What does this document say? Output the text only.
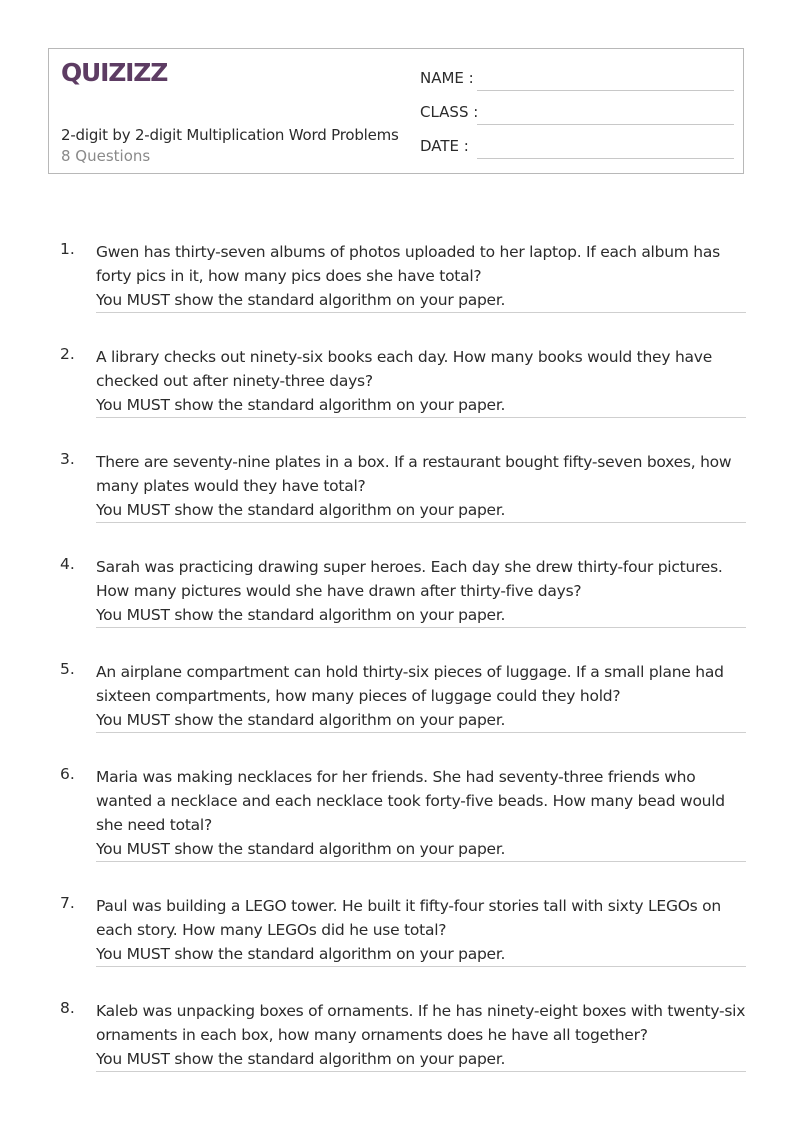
QUIZIZZ
2-digit by 2-digit Multiplication Word Problems
8 Questions
NAME :
CLASS :
DATE :
1. Gwen has thirty-seven albums of photos uploaded to her laptop. If each album has forty pics in it, how many pics does she have total?
You MUST show the standard algorithm on your paper.
2. A library checks out ninety-six books each day. How many books would they have checked out after ninety-three days?
You MUST show the standard algorithm on your paper.
3. There are seventy-nine plates in a box. If a restaurant bought fifty-seven boxes, how many plates would they have total?
You MUST show the standard algorithm on your paper.
4. Sarah was practicing drawing super heroes. Each day she drew thirty-four pictures. How many pictures would she have drawn after thirty-five days?
You MUST show the standard algorithm on your paper.
5. An airplane compartment can hold thirty-six pieces of luggage. If a small plane had sixteen compartments, how many pieces of luggage could they hold?
You MUST show the standard algorithm on your paper.
6. Maria was making necklaces for her friends. She had seventy-three friends who wanted a necklace and each necklace took forty-five beads. How many bead would she need total?
You MUST show the standard algorithm on your paper.
7. Paul was building a LEGO tower. He built it fifty-four stories tall with sixty LEGOs on each story. How many LEGOs did he use total?
You MUST show the standard algorithm on your paper.
8. Kaleb was unpacking boxes of ornaments. If he has ninety-eight boxes with twenty-six ornaments in each box, how many ornaments does he have all together?
You MUST show the standard algorithm on your paper.
